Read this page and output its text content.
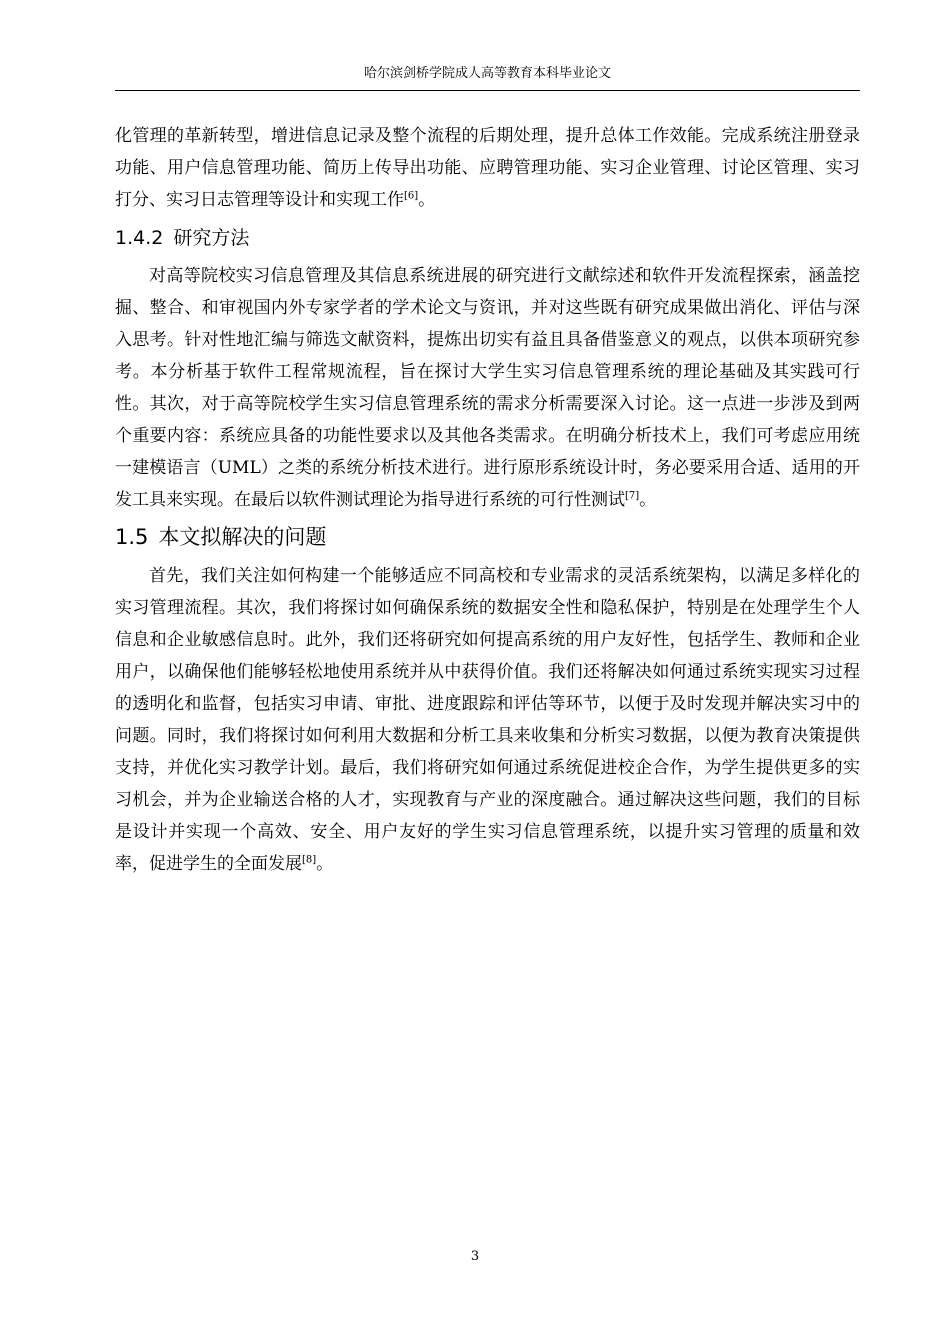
哈尔滨剑桥学院成人高等教育本科毕业论文

化管理的革新转型，增进信息记录及整个流程的后期处理，提升总体工作效能。完成系统注册登录功能、用户信息管理功能、简历上传导出功能、应聘管理功能、实习企业管理、讨论区管理、实习打分、实习日志管理等设计和实现工作[6]。

1.4.2 研究方法

对高等院校实习信息管理及其信息系统进展的研究进行文献综述和软件开发流程探索，涵盖挖掘、整合、和审视国内外专家学者的学术论文与资讯，并对这些既有研究成果做出消化、评估与深入思考。针对性地汇编与筛选文献资料，提炼出切实有益且具备借鉴意义的观点，以供本项研究参考。本分析基于软件工程常规流程，旨在探讨大学生实习信息管理系统的理论基础及其实践可行性。其次，对于高等院校学生实习信息管理系统的需求分析需要深入讨论。这一点进一步涉及到两个重要内容：系统应具备的功能性要求以及其他各类需求。在明确分析技术上，我们可考虑应用统一建模语言（UML）之类的系统分析技术进行。进行原形系统设计时，务必要采用合适、适用的开发工具来实现。在最后以软件测试理论为指导进行系统的可行性测试[7]。

1.5 本文拟解决的问题

首先，我们关注如何构建一个能够适应不同高校和专业需求的灵活系统架构，以满足多样化的实习管理流程。其次，我们将探讨如何确保系统的数据安全性和隐私保护，特别是在处理学生个人信息和企业敏感信息时。此外，我们还将研究如何提高系统的用户友好性，包括学生、教师和企业用户，以确保他们能够轻松地使用系统并从中获得价值。我们还将解决如何通过系统实现实习过程的透明化和监督，包括实习申请、审批、进度跟踪和评估等环节，以便于及时发现并解决实习中的问题。同时，我们将探讨如何利用大数据和分析工具来收集和分析实习数据，以便为教育决策提供支持，并优化实习教学计划。最后，我们将研究如何通过系统促进校企合作，为学生提供更多的实习机会，并为企业输送合格的人才，实现教育与产业的深度融合。通过解决这些问题，我们的目标是设计并实现一个高效、安全、用户友好的学生实习信息管理系统，以提升实习管理的质量和效率，促进学生的全面发展[8]。

3
